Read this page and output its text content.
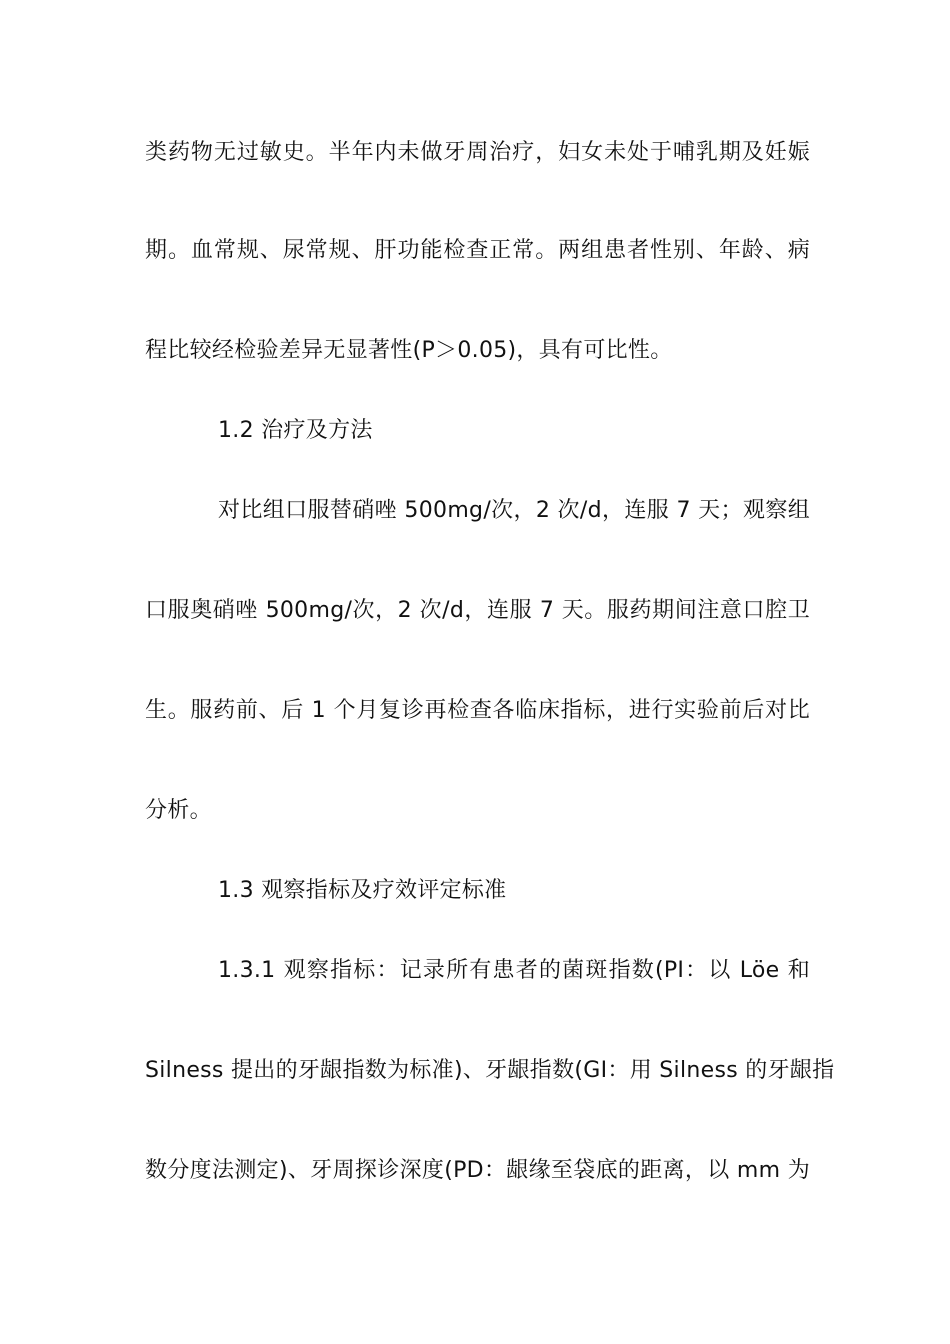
类药物无过敏史。半年内未做牙周治疗，妇女未处于哺乳期及妊娠
期。血常规、尿常规、肝功能检查正常。两组患者性别、年龄、病
程比较经检验差异无显著性(P＞0.05)，具有可比性。
1.2 治疗及方法
对比组口服替硝唑 500mg/次，2 次/d，连服 7 天；观察组
口服奥硝唑 500mg/次，2 次/d，连服 7 天。服药期间注意口腔卫
生。服药前、后 1 个月复诊再检查各临床指标，进行实验前后对比
分析。
1.3 观察指标及疗效评定标准
1.3.1 观察指标：记录所有患者的菌斑指数(PI：以 Löe 和
Silness 提出的牙龈指数为标准)、牙龈指数(GI：用 Silness 的牙龈指
数分度法测定)、牙周探诊深度(PD：龈缘至袋底的距离，以 mm 为
